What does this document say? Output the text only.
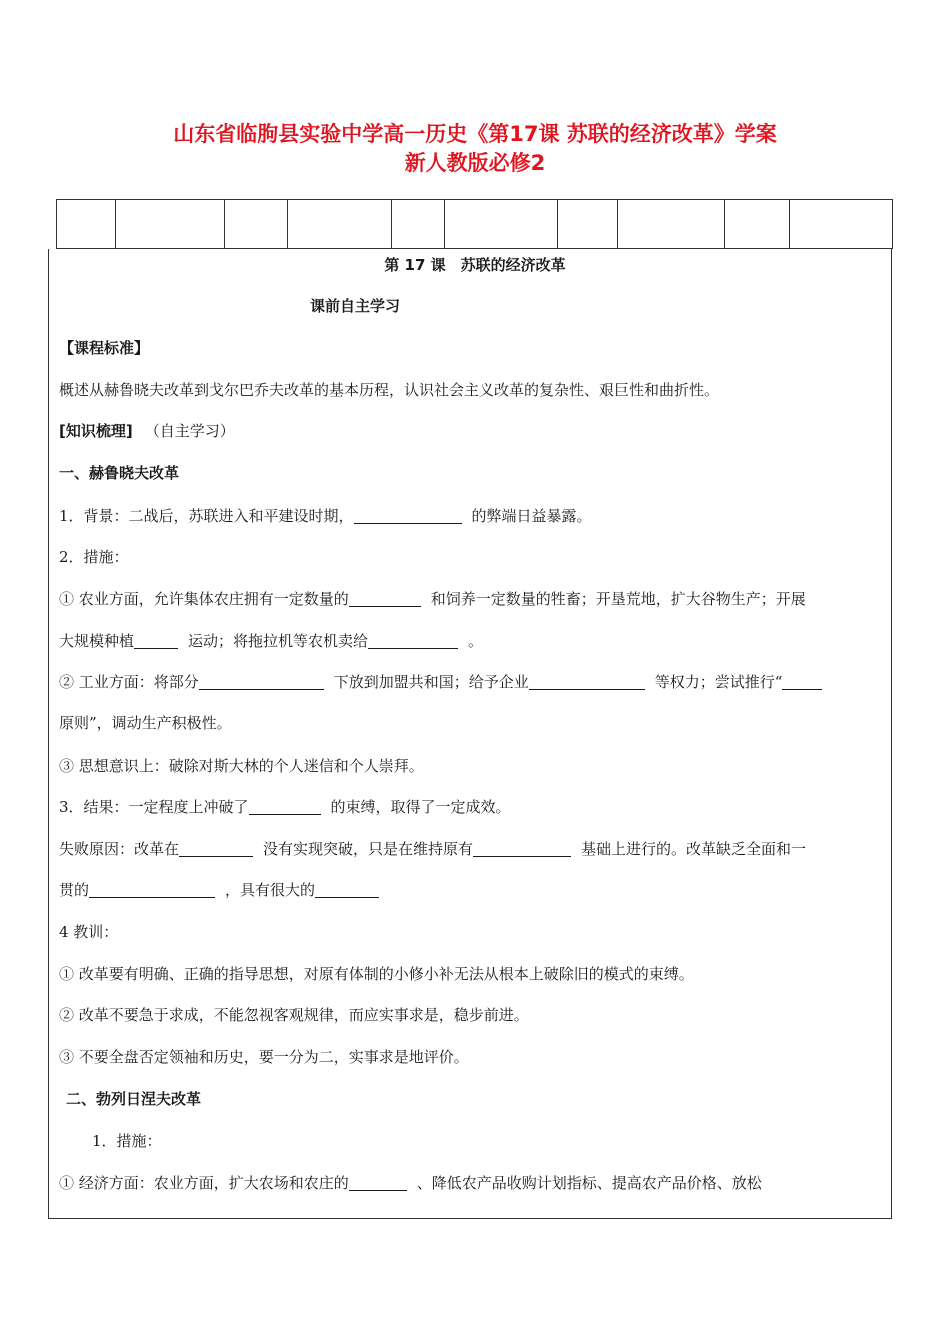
山东省临朐县实验中学高一历史《第17课 苏联的经济改革》学案
新人教版必修2

第 17 课　苏联的经济改革
课前自主学习
【课程标准】
概述从赫鲁晓夫改革到戈尔巴乔夫改革的基本历程，认识社会主义改革的复杂性、艰巨性和曲折性。
[知识梳理] （自主学习）
一、赫鲁晓夫改革
1．背景：二战后，苏联进入和平建设时期，	的弊端日益暴露。
2．措施：
① 农业方面，允许集体农庄拥有一定数量的	和饲养一定数量的牲畜；开垦荒地，扩大谷物生产；开展
大规模种植	运动；将拖拉机等农机卖给	。
② 工业方面：将部分	下放到加盟共和国；给予企业	等权力；尝试推行“
原则”，调动生产积极性。
③ 思想意识上：破除对斯大林的个人迷信和个人崇拜。
3．结果：一定程度上冲破了	的束缚，取得了一定成效。
失败原因：改革在	没有实现突破，只是在维持原有	基础上进行的。改革缺乏全面和一
贯的	，具有很大的
4 教训：
① 改革要有明确、正确的指导思想，对原有体制的小修小补无法从根本上破除旧的模式的束缚。
② 改革不要急于求成，不能忽视客观规律，而应实事求是，稳步前进。
③ 不要全盘否定领袖和历史，要一分为二，实事求是地评价。
二、勃列日涅夫改革
1．措施：
① 经济方面：农业方面，扩大农场和农庄的	、降低农产品收购计划指标、提高农产品价格、放松
